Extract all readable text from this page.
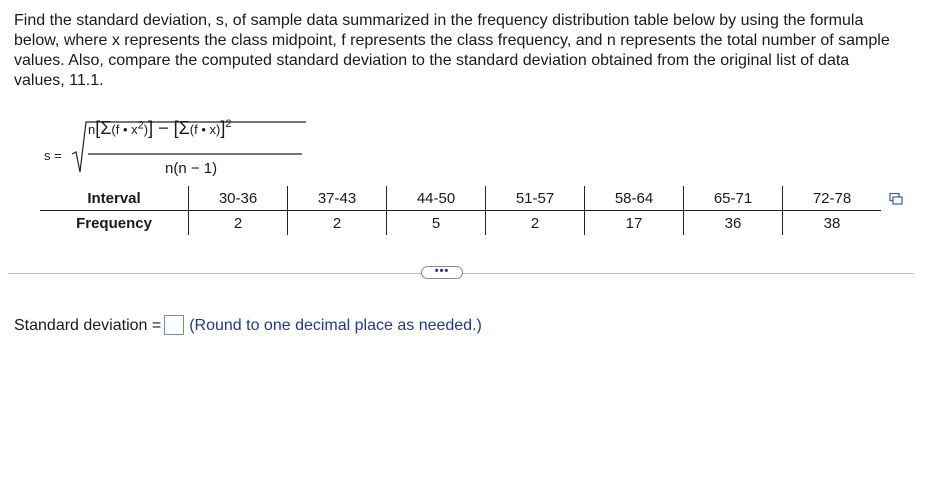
Find the standard deviation, s, of sample data summarized in the frequency distribution table below by using the formula below, where x represents the class midpoint, f represents the class frequency, and n represents the total number of sample values. Also, compare the computed standard deviation to the standard deviation obtained from the original list of data values, 11.1.
s =
n[Σ(f • $x^2)] - [\Sigma(f$ • x)]$^2$
n(n − 1)
Interval	30-36	37-43	44-50	51-57	58-64	65-71	72-78
Frequency	2	2	5	2	17	36	38
•••
Standard deviation = (Round to one decimal place as needed.)
